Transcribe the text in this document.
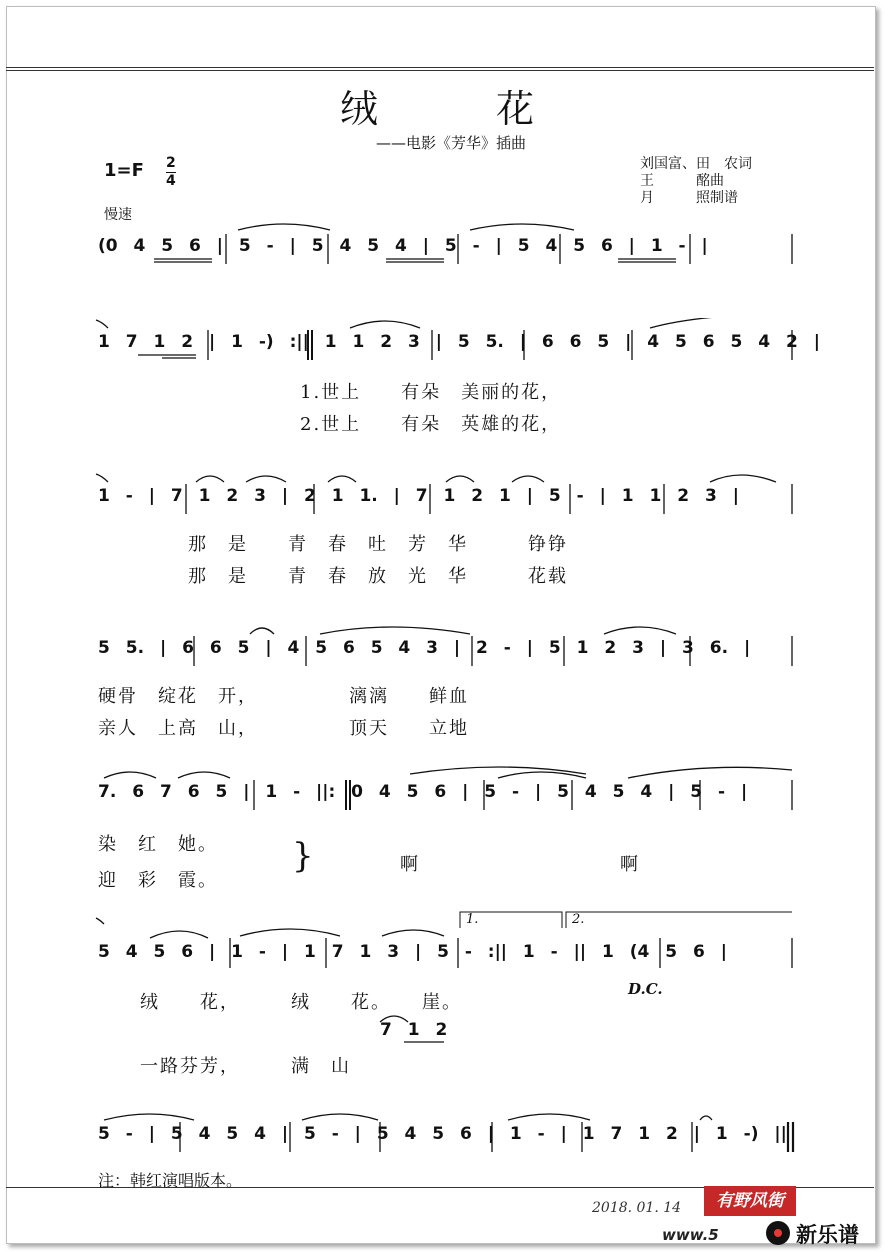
绒花
——电影《芳华》插曲
$1=F \frac{2}{4}$	刘国富、田　农词
王　　　酩曲
月　　　照制谱
慢速
(0 4 5 6 | 5 - | 5 4 5 4 | 5 - | 5 4 5 6 | 1 - |
1 7 1 2 | 1 -) :|| 1 1 2 3 | 5 5. | 6 6 5 | 4 5 6 5 4 2 |
1.世上　　有朵　美丽的花，
2.世上　　有朵　英雄的花，
1 - | 7 1 2 3 | 2 1 1. | 7 1 2 1 | 5 - | 1 1 2 3 |
那　是　　青　春　吐　芳　华　　　铮铮
那　是　　青　春　放　光　华　　　花载
5 5. | 6 6 5 | 4 5 6 5 4 3 | 2 - | 5 1 2 3 | 3 6. |
硬骨　绽花　开，　　　　　漓漓　　鲜血
亲人　上高　山，　　　　　顶天　　立地
7. 6 7 6 5 | 1 - ||: 0 4 5 6 | 5 - | 5 4 5 4 | 5 - |
染　红　她。
迎　彩　霞。
}	啊	啊
1.	2.
5 4 5 6 | 1 - | 1 7 1 3 | 5 - :|| 1 - || 1 (4 5 6 |
绒　　花，　　　绒　　花。　　崖。
D.C.
7 1 2
一路芬芳，　　　满　山
5 - | 5 4 5 4 | 5 - | 5 4 5 6 | 1 - | 1 7 1 2 | 1 -) ||
注：韩红演唱版本。
2018. 01. 14	有野风街
www.5	新乐谱
